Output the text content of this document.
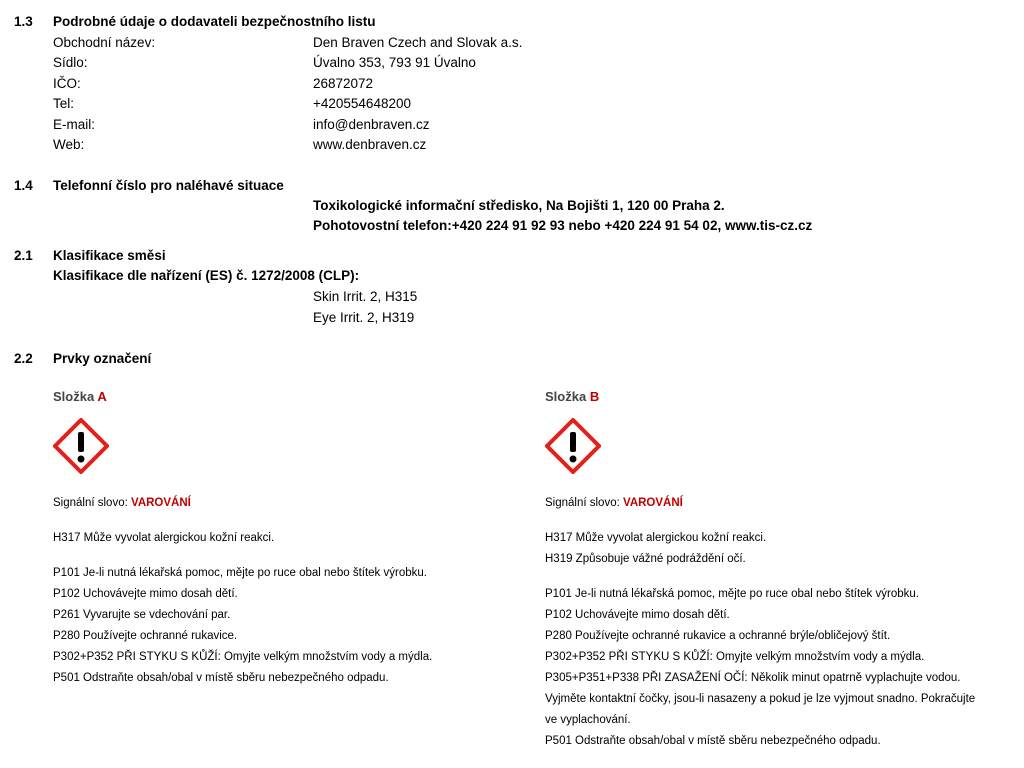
1.3 Podrobné údaje o dodavateli bezpečnostního listu
Obchodní název:	Den Braven Czech and Slovak a.s.
Sídlo:	Úvalno 353, 793 91 Úvalno
IČO:	26872072
Tel:	+420554648200
E-mail:	info@denbraven.cz
Web:	www.denbraven.cz
1.4 Telefonní číslo pro naléhavé situace
Toxikologické informační středisko, Na Bojišti 1, 120 00 Praha 2.
Pohotovostní telefon:+420 224 91 92 93 nebo +420 224 91 54 02, www.tis-cz.cz
2.1 Klasifikace směsi
Klasifikace dle nařízení (ES) č. 1272/2008 (CLP):
Skin Irrit. 2, H315
Eye Irrit. 2, H319
2.2 Prvky označení
Složka A
Signální slovo: VAROVÁNÍ
H317 Může vyvolat alergickou kožní reakci.
P101 Je-li nutná lékařská pomoc, mějte po ruce obal nebo štítek výrobku.
P102 Uchovávejte mimo dosah dětí.
P261 Vyvarujte se vdechování par.
P280 Používejte ochranné rukavice.
P302+P352 PŘI STYKU S KŮŽÍ: Omyjte velkým množstvím vody a mýdla.
P501 Odstraňte obsah/obal v místě sběru nebezpečného odpadu.
Složka B
Signální slovo: VAROVÁNÍ
H317 Může vyvolat alergickou kožní reakci.
H319 Způsobuje vážné podráždění očí.
P101 Je-li nutná lékařská pomoc, mějte po ruce obal nebo štítek výrobku.
P102 Uchovávejte mimo dosah dětí.
P280 Používejte ochranné rukavice a ochranné brýle/obličejový štít.
P302+P352 PŘI STYKU S KŮŽÍ: Omyjte velkým množstvím vody a mýdla.
P305+P351+P338 PŘI ZASAŽENÍ OČÍ: Několik minut opatrně vyplachujte vodou.
Vyjměte kontaktní čočky, jsou-li nasazeny a pokud je lze vyjmout snadno. Pokračujte
ve vyplachování.
P501 Odstraňte obsah/obal v místě sběru nebezpečného odpadu.
